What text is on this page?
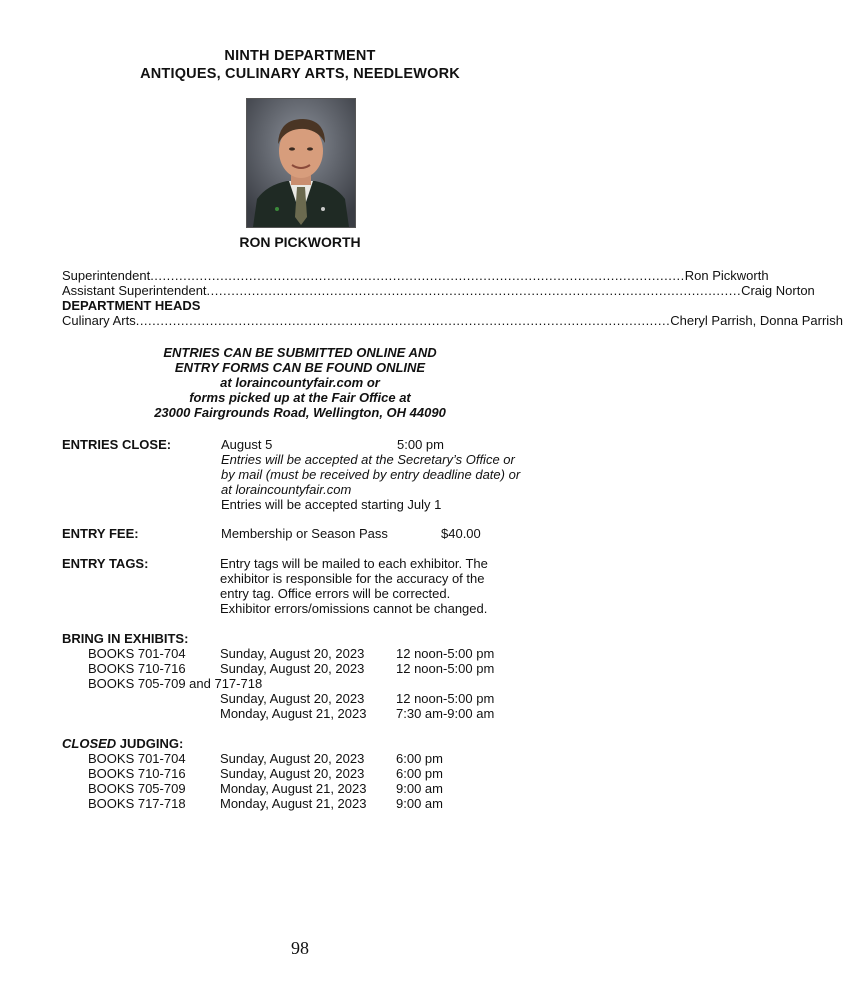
NINTH DEPARTMENT
ANTIQUES, CULINARY ARTS, NEEDLEWORK
RON PICKWORTH
Superintendent .................................................................................................................................. Ron Pickworth
Assistant Superintendent .................................................................................................................................. Craig Norton
DEPARTMENT HEADS
Culinary Arts .................................................................................................................................. Cheryl Parrish, Donna Parrish
ENTRIES CAN BE SUBMITTED ONLINE AND
ENTRY FORMS CAN BE FOUND ONLINE
at loraincountyfair.com or
forms picked up at the Fair Office at
23000 Fairgrounds Road, Wellington, OH 44090
ENTRIES CLOSE:	August 5	5:00 pm
Entries will be accepted at the Secretary’s Office or
by mail (must be received by entry deadline date) or
at loraincountyfair.com
Entries will be accepted starting July 1
ENTRY FEE:	Membership or Season Pass	$40.00
ENTRY TAGS:	Entry tags will be mailed to each exhibitor. The
exhibitor is responsible for the accuracy of the
entry tag. Office errors will be corrected.
Exhibitor errors/omissions cannot be changed.
BRING IN EXHIBITS:
BOOKS 701-704	Sunday, August 20, 2023 12 noon-5:00 pm
BOOKS 710-716	Sunday, August 20, 2023 12 noon-5:00 pm
BOOKS 705-709 and 717-718
Sunday, August 20, 2023 12 noon-5:00 pm
Monday, August 21, 2023 7:30 am-9:00 am
CLOSED JUDGING:
BOOKS 701-704	Sunday, August 20, 2023 6:00 pm
BOOKS 710-716	Sunday, August 20, 2023 6:00 pm
BOOKS 705-709	Monday, August 21, 2023 9:00 am
BOOKS 717-718	Monday, August 21, 2023 9:00 am
98
